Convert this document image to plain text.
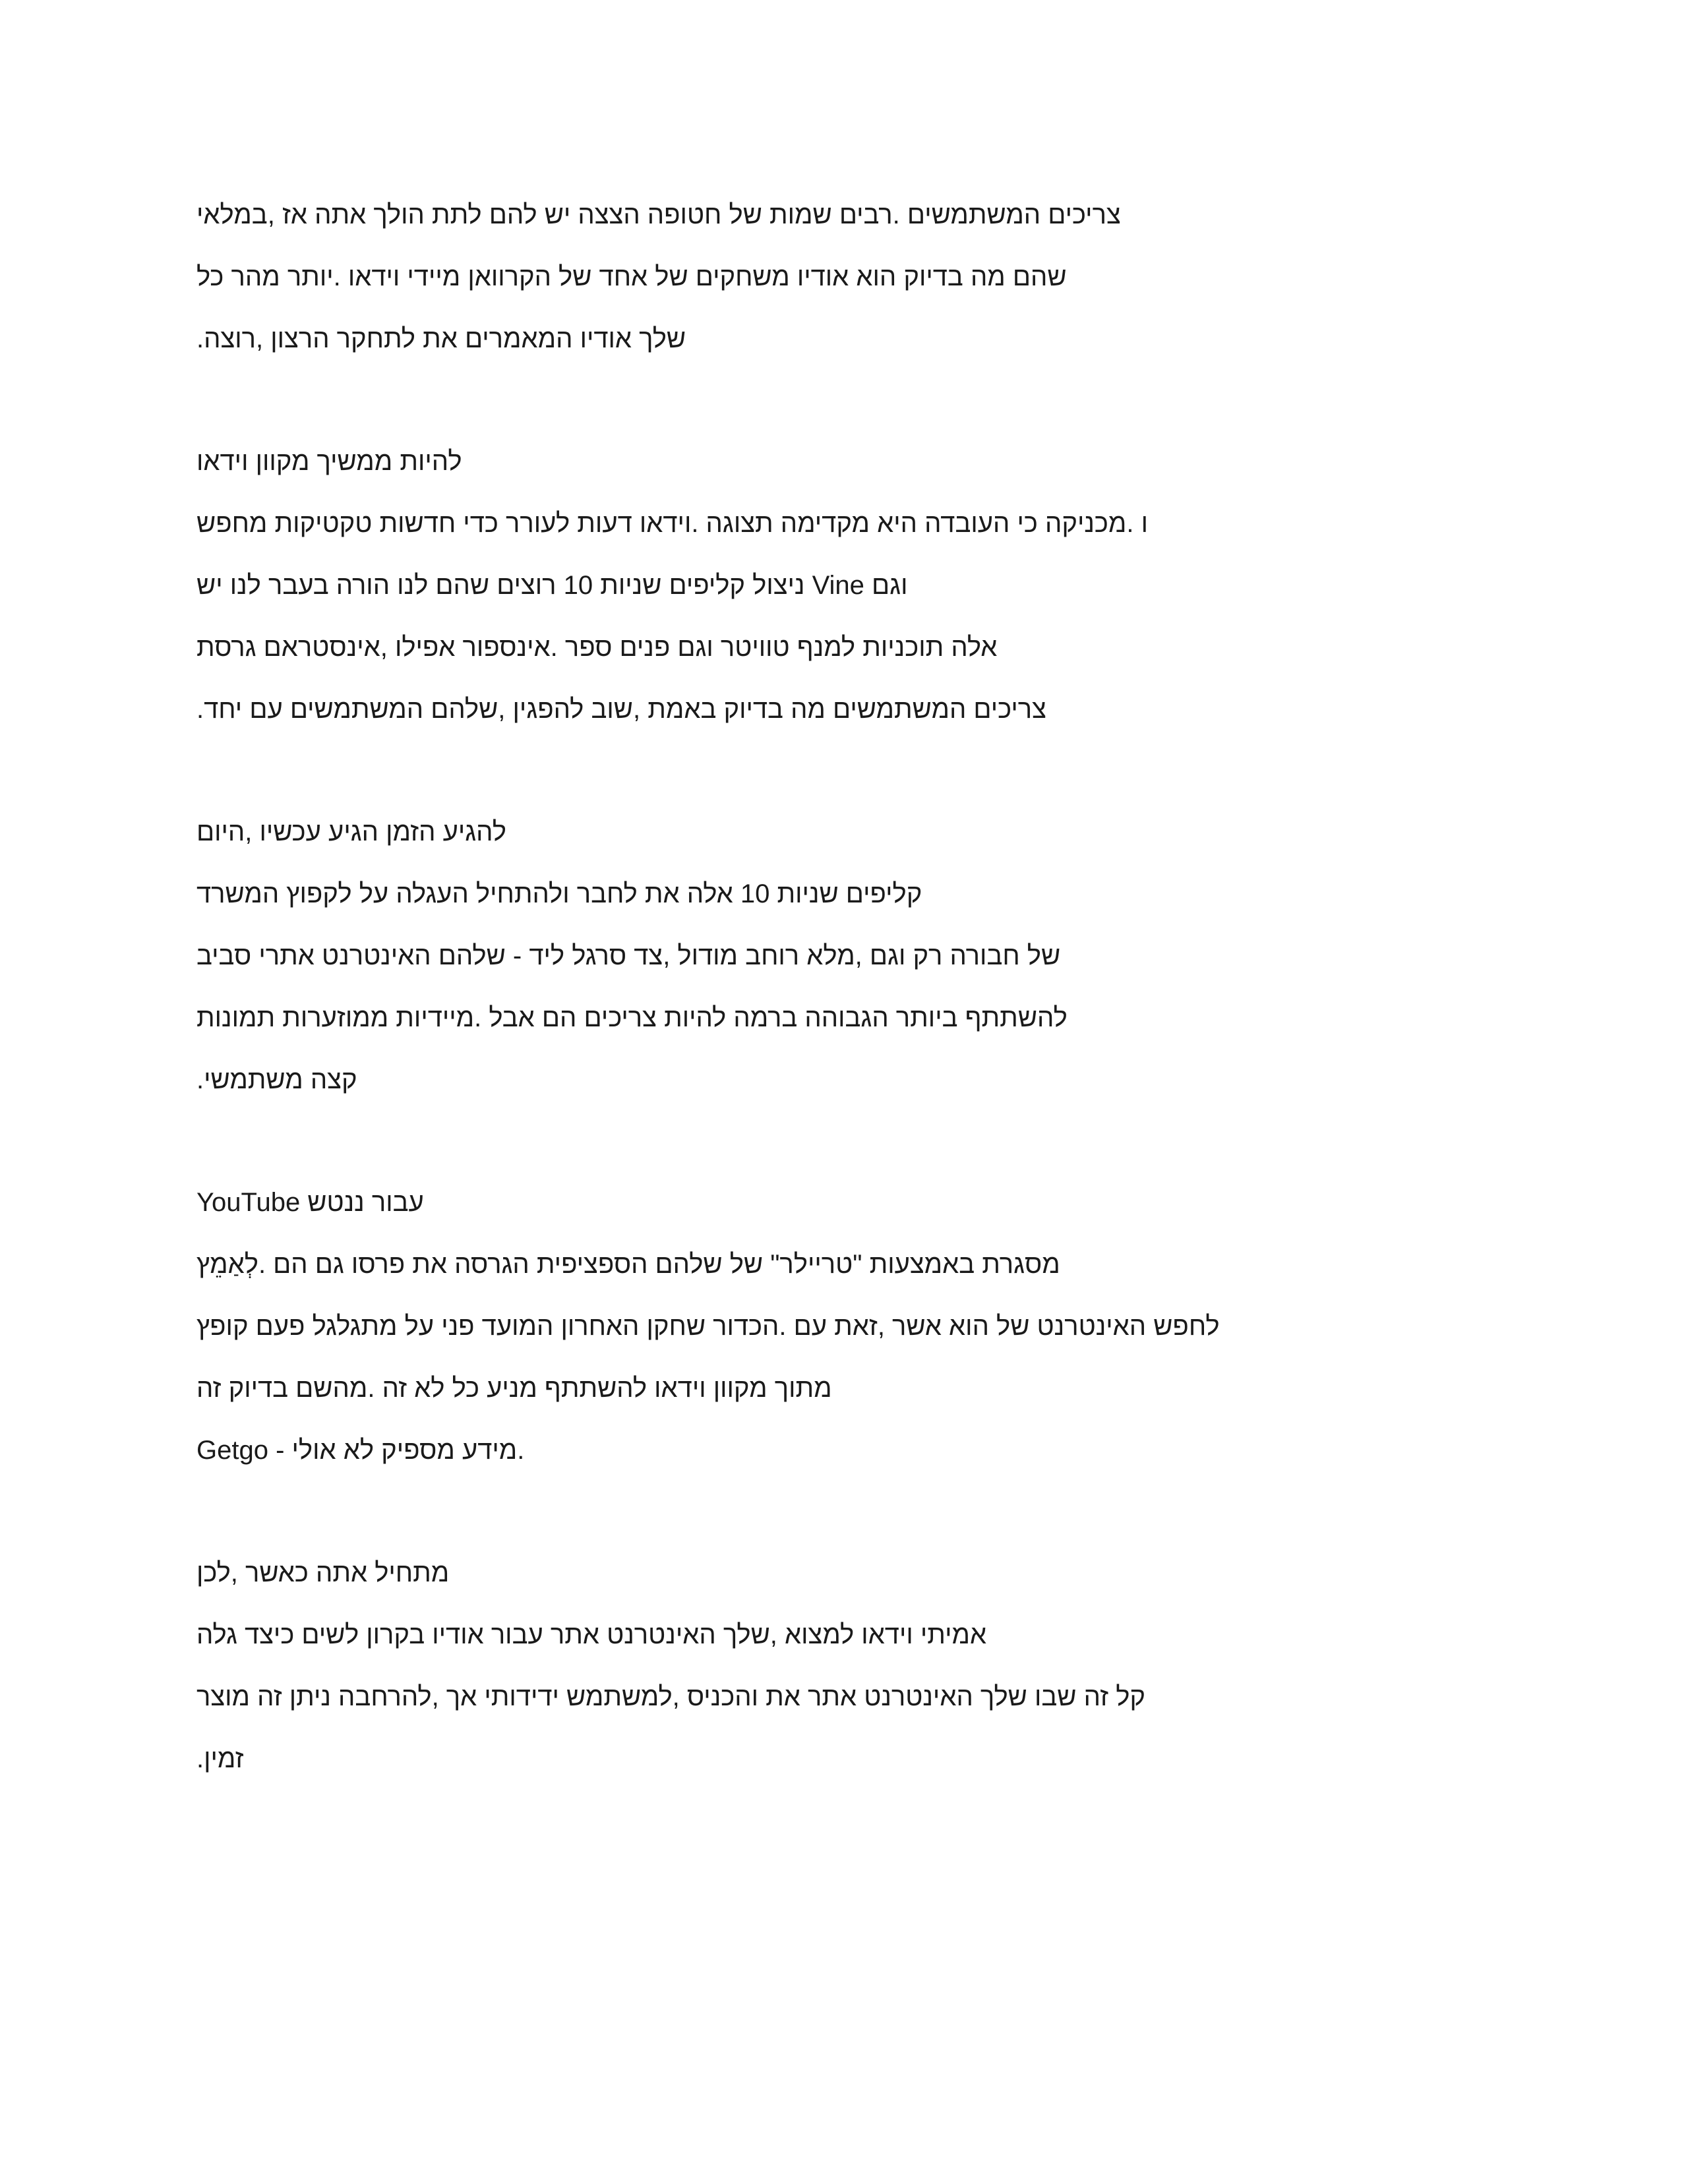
צריכים המשתמשים .רבים שמות של חטופה הצצה יש להם לתת הולך אתה אז ,במלאי
שהם מה בדיוק הוא אודיו משחקים של אחד של הקרוואן מיידי וידאו .יותר מהר כל
שלך אודיו המאמרים את לתחקר הרצון ,רוצה.
להיות ממשיך מקוון וידאו
ו .מכניקה כי העובדה היא מקדימה תצוגה .וידאו דעות לעורר כדי חדשות טקטיקות מחפש
וגם Vine ניצול קליפים שניות 10 רוצים שהם לנו הורה בעבר לנו יש
אלה תוכניות למנף טוויטר וגם פנים ספר .אינספור אפילו ,אינסטראם גרסת
צריכים המשתמשים מה בדיוק באמת ,שוב להפגין ,שלהם המשתמשים עם יחד.
להגיע הזמן הגיע עכשיו ,היום
קליפים שניות 10 אלה את לחבר ולהתחיל העגלה על לקפוץ המשרד
של חבורה רק וגם ,מלא רוחב מודול ,צד סרגל ליד - שלהם האינטרנט אתרי סביב
להשתתף ביותר הגבוהה ברמה להיות צריכים הם אבל .מיידיות ממוזערות תמונות
קצה משתמשי.
עבור ננטש YouTube
מסגרת באמצעות "טריילר" של שלהם הספציפית הגרסה את פרסו גם הם .לְאַמֵץ
לחפש האינטרנט של הוא אשר ,זאת עם .הכדור שחקן האחרון המועד פני על מתגלגל פעם קופץ
מתוך מקוון וידאו להשתתף מניע כל לא זה .מהשם בדיוק זה
Getgo - מידע מספיק לא אולי.
מתחיל אתה כאשר ,לכן
אמיתי וידאו למצוא ,שלך האינטרנט אתר עבור אודיו בקרון לשים כיצד גלה
קל זה שבו שלך האינטרנט אתר את והכניס ,למשתמש ידידותי אך ,להרחבה ניתן זה מוצר
זמין.
